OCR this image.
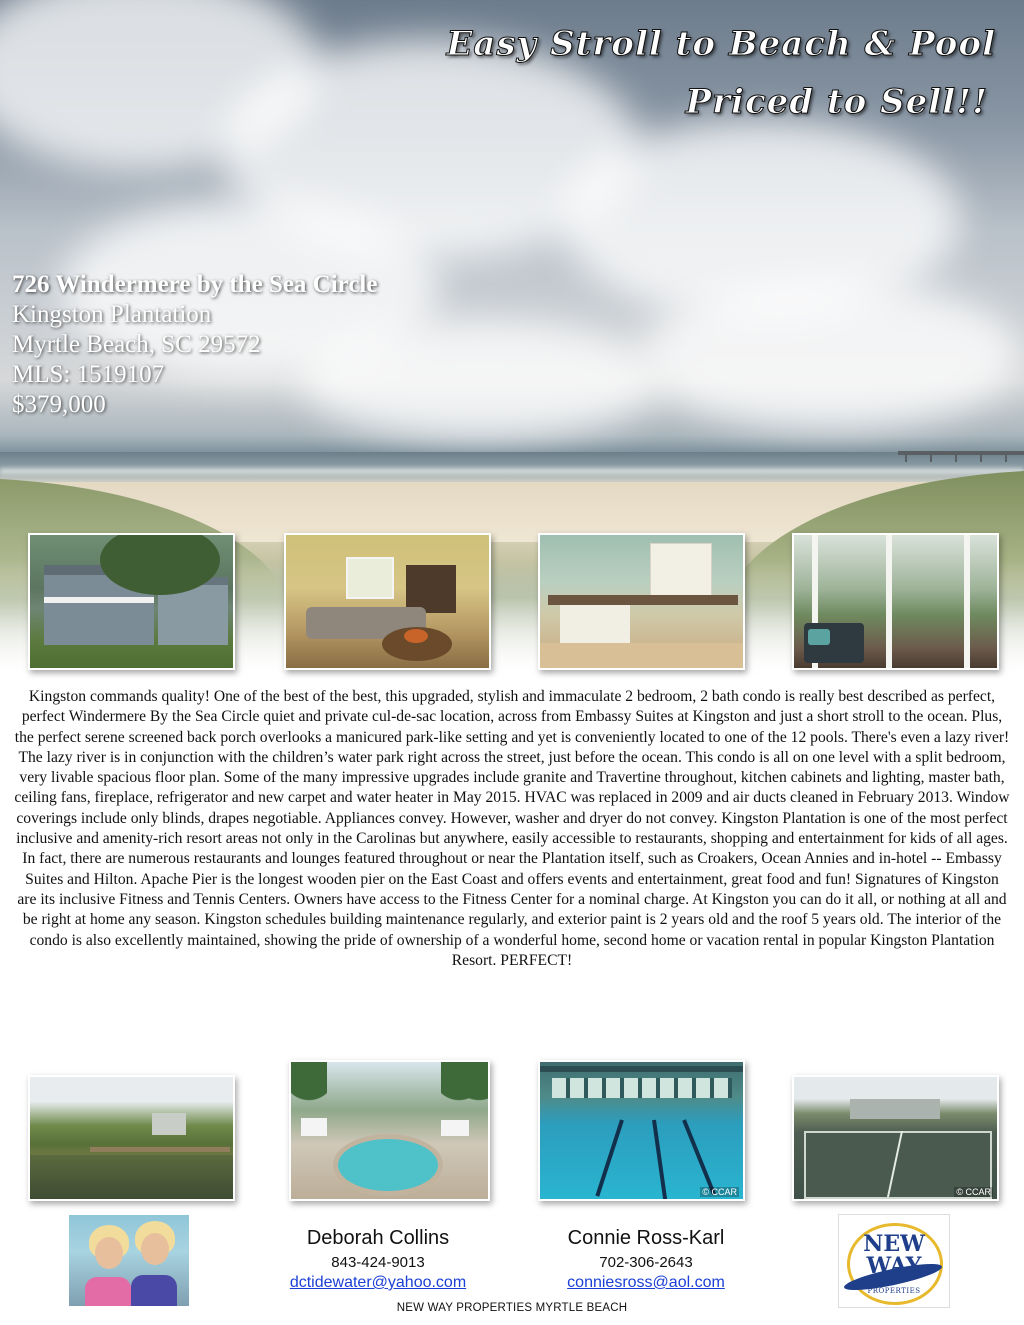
Easy Stroll to Beach & Pool
Priced to Sell!!
726 Windermere by the Sea Circle
Kingston Plantation
Myrtle Beach, SC 29572
MLS: 1519107
$379,000

Kingston commands quality! One of the best of the best, this upgraded, stylish and immaculate 2 bedroom, 2 bath condo is really best described as perfect, perfect Windermere By the Sea Circle quiet and private cul-de-sac location, across from Embassy Suites at Kingston and just a short stroll to the ocean. Plus, the perfect serene screened back porch overlooks a manicured park-like setting and yet is conveniently located to one of the 12 pools. There's even a lazy river! The lazy river is in conjunction with the children’s water park right across the street, just before the ocean. This condo is all on one level with a split bedroom, very livable spacious floor plan. Some of the many impressive upgrades include granite and Travertine throughout, kitchen cabinets and lighting, master bath, ceiling fans, fireplace, refrigerator and new carpet and water heater in May 2015. HVAC was replaced in 2009 and air ducts cleaned in February 2013. Window coverings include only blinds, drapes negotiable. Appliances convey. However, washer and dryer do not convey. Kingston Plantation is one of the most perfect inclusive and amenity-rich resort areas not only in the Carolinas but anywhere, easily accessible to restaurants, shopping and entertainment for kids of all ages. In fact, there are numerous restaurants and lounges featured throughout or near the Plantation itself, such as Croakers, Ocean Annies and in-hotel -- Embassy Suites and Hilton. Apache Pier is the longest wooden pier on the East Coast and offers events and entertainment, great food and fun! Signatures of Kingston are its inclusive Fitness and Tennis Centers. Owners have access to the Fitness Center for a nominal charge. At Kingston you can do it all, or nothing at all and be right at home any season. Kingston schedules building maintenance regularly, and exterior paint is 2 years old and the roof 5 years old. The interior of the condo is also excellently maintained, showing the pride of ownership of a wonderful home, second home or vacation rental in popular Kingston Plantation Resort. PERFECT!

© CCAR	© CCAR
Deborah Collins
843-424-9013
dctidewater@yahoo.com
Connie Ross-Karl
702-306-2643
conniesross@aol.com
NEW
WAY
PROPERTIES
NEW WAY PROPERTIES MYRTLE BEACH
